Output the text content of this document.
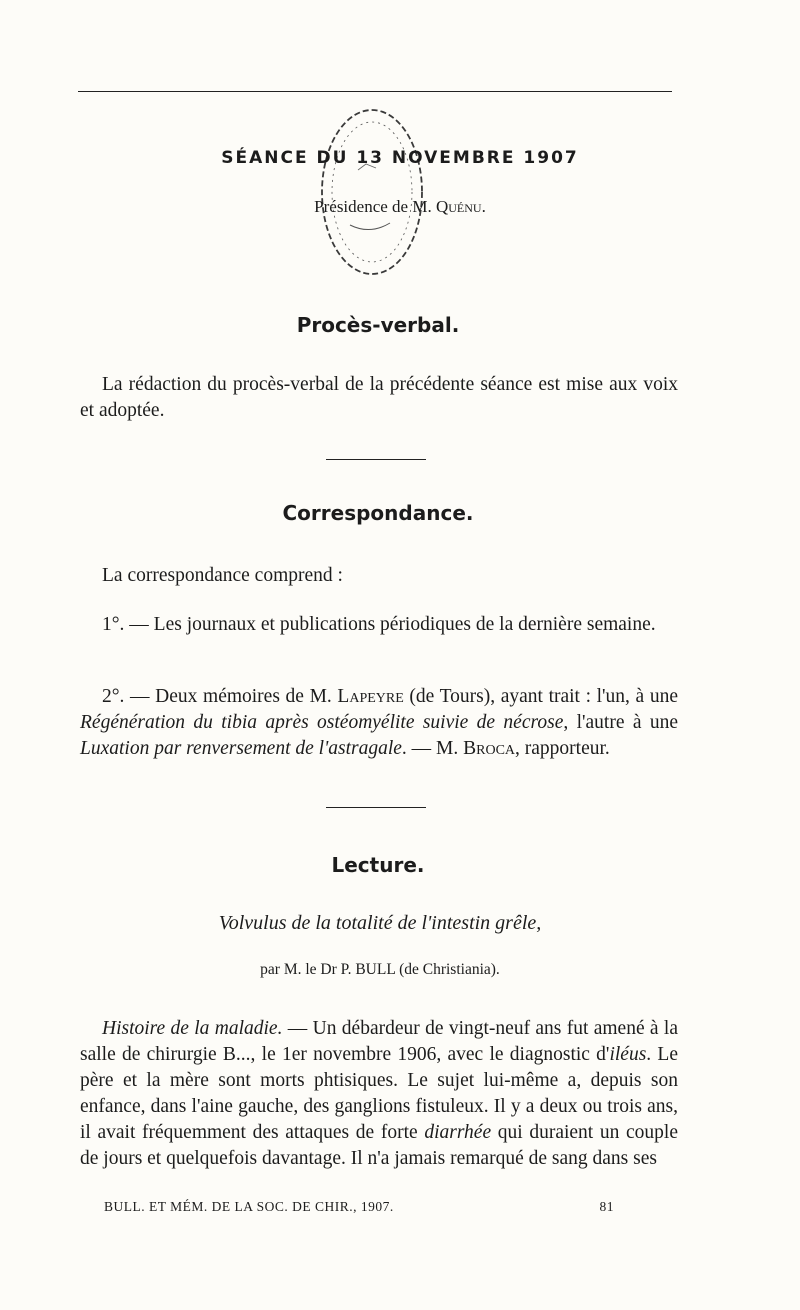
SÉANCE DU 13 NOVEMBRE 1907
Présidence de M. Quénu.
Procès-verbal.

La rédaction du procès-verbal de la précédente séance est mise aux voix et adoptée.

Correspondance.

La correspondance comprend :

1°. — Les journaux et publications périodiques de la dernière semaine.

2°. — Deux mémoires de M. Lapeyre (de Tours), ayant trait : l'un, à une Régénération du tibia après ostéomyélite suivie de nécrose, l'autre à une Luxation par renversement de l'astragale. — M. Broca, rapporteur.

Lecture.
Volvulus de la totalité de l'intestin grêle,
par M. le Dr P. BULL (de Christiania).

Histoire de la maladie. — Un débardeur de vingt-neuf ans fut amené à la salle de chirurgie B..., le 1er novembre 1906, avec le diagnostic d'iléus. Le père et la mère sont morts phtisiques. Le sujet lui-même a, depuis son enfance, dans l'aine gauche, des ganglions fistuleux. Il y a deux ou trois ans, il avait fréquemment des attaques de forte diarrhée qui duraient un couple de jours et quelquefois davantage. Il n'a jamais remarqué de sang dans ses

BULL. ET MÉM. DE LA SOC. DE CHIR., 1907.	81
